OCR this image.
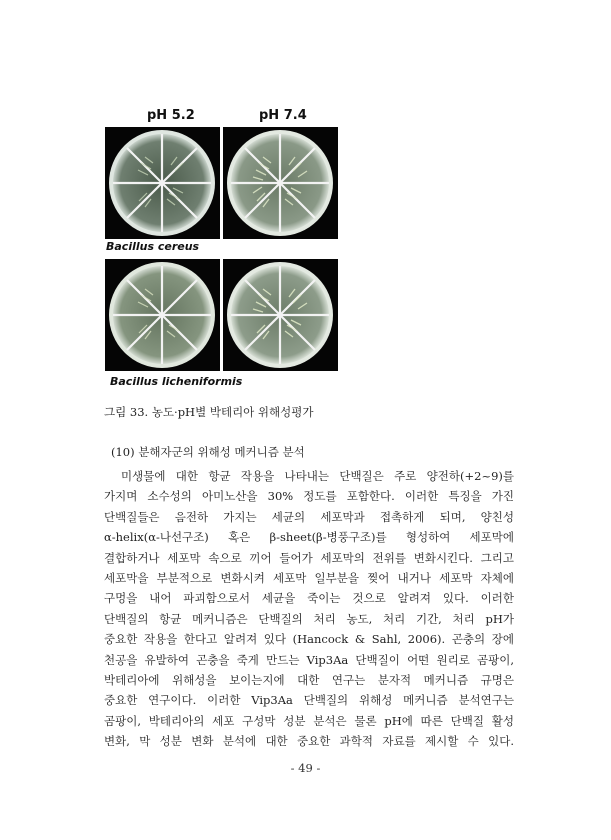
pH 5.2	pH 7.4
Bacillus cereus
Bacillus licheniformis
그림 33. 농도·pH별 박테리아 위해성평가
(10) 분해자군의 위해성 메커니즘 분석
미생물에 대한 항균 작용을 나타내는 단백질은 주로 양전하(+2~9)를
가지며 소수성의 아미노산을 30% 정도를 포함한다. 이러한 특징을 가진
단백질들은 음전하 가지는 세균의 세포막과 접촉하게 되며, 양친성
α-helix(α-나선구조) 혹은 β-sheet(β-병풍구조)를 형성하여 세포막에
결합하거나 세포막 속으로 끼어 들어가 세포막의 전위를 변화시킨다. 그리고
세포막을 부분적으로 변화시켜 세포막 일부분을 찢어 내거나 세포막 자체에
구멍을 내어 파괴함으로서 세균을 죽이는 것으로 알려져 있다. 이러한
단백질의 항균 메커니즘은 단백질의 처리 농도, 처리 기간, 처리 pH가
중요한 작용을 한다고 알려져 있다 (Hancock & Sahl, 2006). 곤충의 장에
천공을 유발하여 곤충을 죽게 만드는 Vip3Aa 단백질이 어떤 원리로 곰팡이,
박테리아에 위해성을 보이는지에 대한 연구는 분자적 메커니즘 규명은
중요한 연구이다. 이러한 Vip3Aa 단백질의 위해성 메커니즘 분석연구는
곰팡이, 박테리아의 세포 구성막 성분 분석은 물론 pH에 따른 단백질 활성
변화, 막 성분 변화 분석에 대한 중요한 과학적 자료를 제시할 수 있다.
- 49 -
